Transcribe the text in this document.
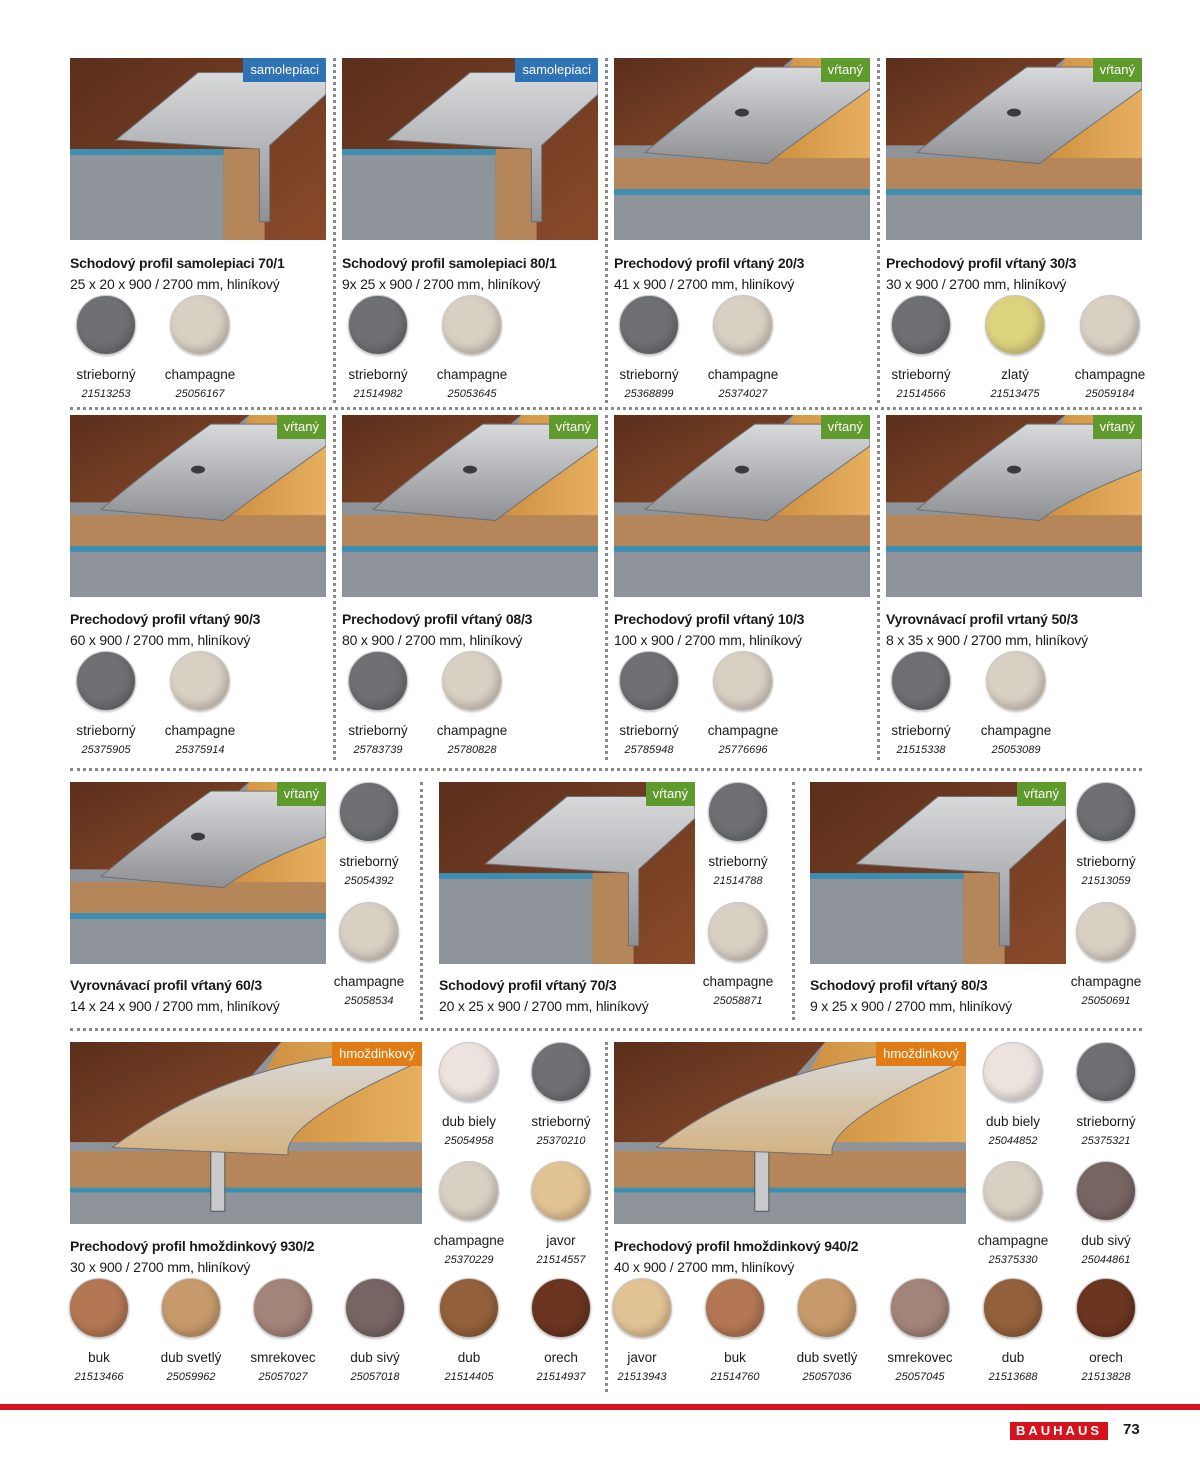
samolepiaci
Schodový profil samolepiaci 70/1
25 x 20 x 900 / 2700 mm, hliníkový
strieborný
21513253
champagne
25056167
samolepiaci
Schodový profil samolepiaci 80/1
9x 25 x 900 / 2700 mm, hliníkový
strieborný
21514982
champagne
25053645
vŕtaný
Prechodový profil vŕtaný 20/3
41 x 900 / 2700 mm, hliníkový
strieborný
25368899
champagne
25374027
vŕtaný
Prechodový profil vŕtaný 30/3
30 x 900 / 2700 mm, hliníkový
strieborný
21514566
zlatý
21513475
champagne
25059184
vŕtaný
Prechodový profil vŕtaný 90/3
60 x 900 / 2700 mm, hliníkový
strieborný
25375905
champagne
25375914
vŕtaný
Prechodový profil vŕtaný 08/3
80 x 900 / 2700 mm, hliníkový
strieborný
25783739
champagne
25780828
vŕtaný
Prechodový profil vŕtaný 10/3
100 x 900 / 2700 mm, hliníkový
strieborný
25785948
champagne
25776696
vŕtaný
Vyrovnávací profil vrtaný 50/3
8 x 35 x 900 / 2700 mm, hliníkový
strieborný
21515338
champagne
25053089
vŕtaný
Vyrovnávací profil vŕtaný 60/3
14 x 24 x 900 / 2700 mm, hliníkový
strieborný
25054392
champagne
25058534
vŕtaný
Schodový profil vŕtaný 70/3
20 x 25 x 900 / 2700 mm, hliníkový
strieborný
21514788
champagne
25058871
vŕtaný
Schodový profil vŕtaný 80/3
9 x 25 x 900 / 2700 mm, hliníkový
strieborný
21513059
champagne
25050691
hmoždinkový
Prechodový profil hmoždinkový 930/2
30 x 900 / 2700 mm, hliníkový
dub biely
25054958
strieborný
25370210
champagne
25370229
javor
21514557
buk
21513466
dub svetlý
25059962
smrekovec
25057027
dub sivý
25057018
dub
21514405
orech
21514937
hmoždinkový
Prechodový profil hmoždinkový 940/2
40 x 900 / 2700 mm, hliníkový
dub biely
25044852
strieborný
25375321
champagne
25375330
dub sivý
25044861
javor
21513943
buk
21514760
dub svetlý
25057036
smrekovec
25057045
dub
21513688
orech
21513828
BAUHAUS	73
